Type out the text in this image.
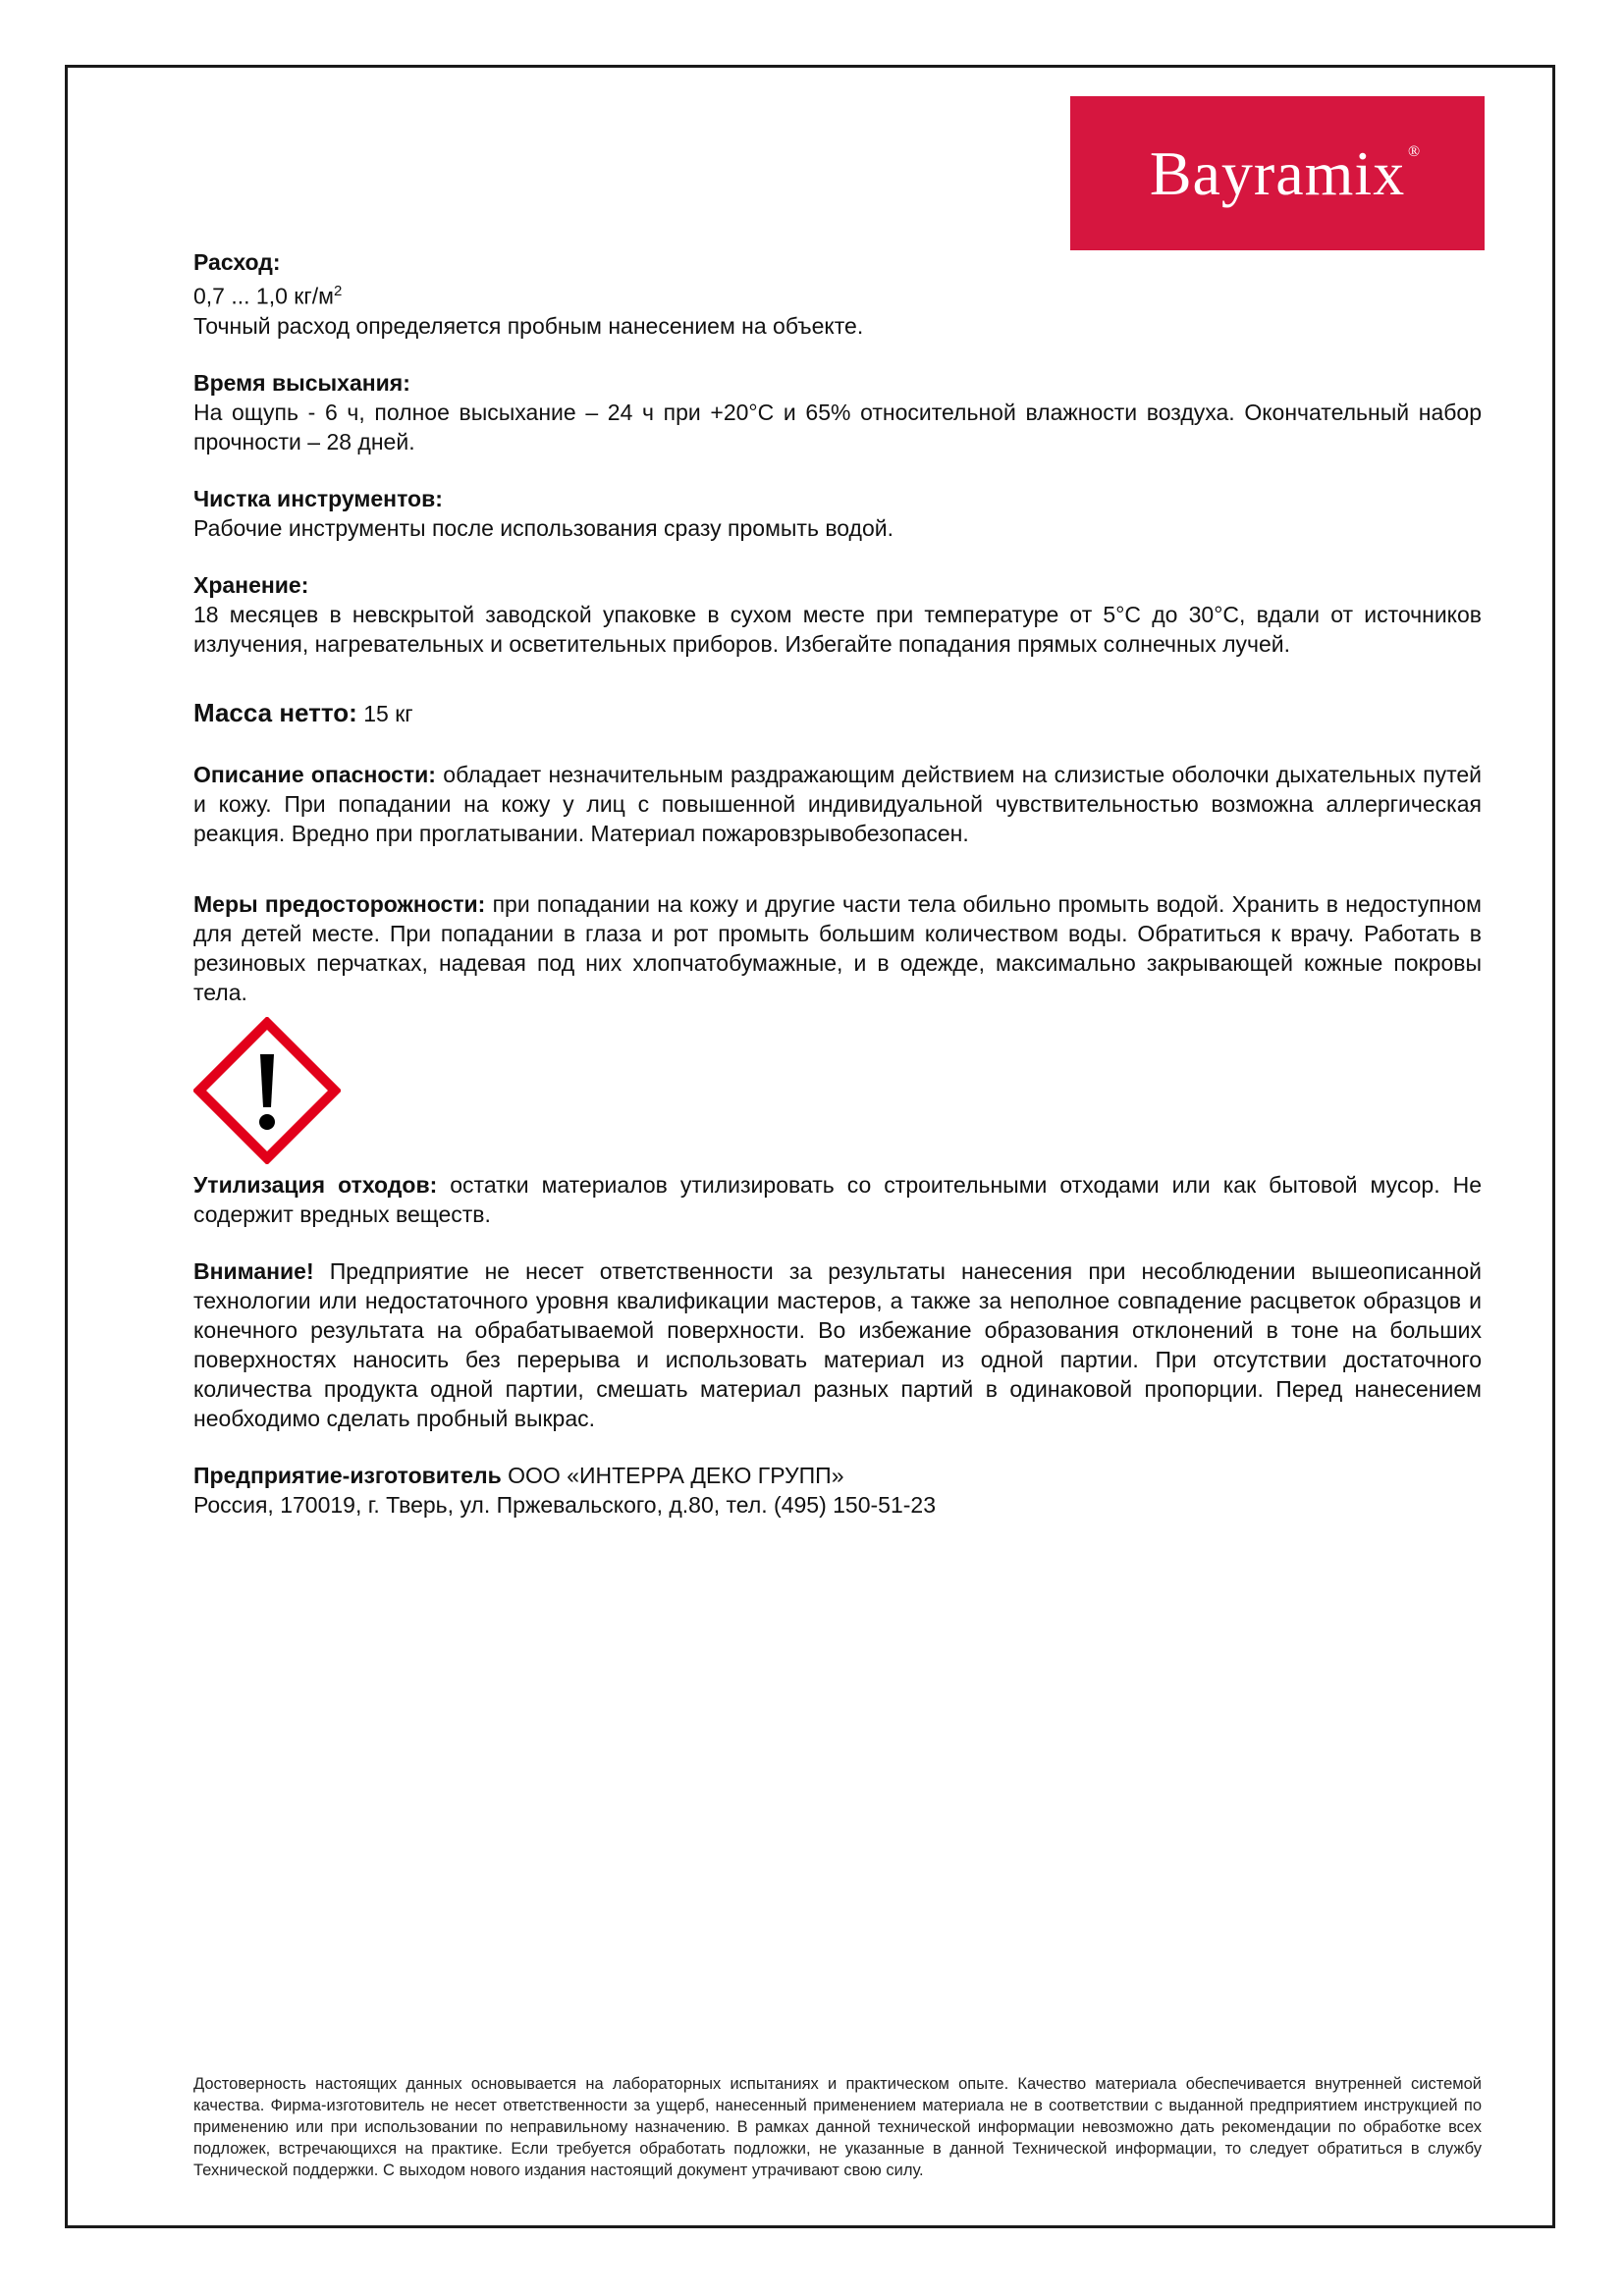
Bayramix ®
Расход:
0,7 ... 1,0 $кг/м^2$
Точный расход определяется пробным нанесением на объекте.
Время высыхания:
На ощупь - 6 ч, полное высыхание – 24 ч при +20°С и 65% относительной влажности воздуха. Окончательный набор прочности – 28 дней.
Чистка инструментов:
Рабочие инструменты после использования сразу промыть водой.
Хранение:
18 месяцев в невскрытой заводской упаковке в сухом месте при температуре от 5°С до 30°С, вдали от источников излучения, нагревательных и осветительных приборов. Избегайте попадания прямых солнечных лучей.
Масса нетто: 15 кг
Описание опасности: обладает незначительным раздражающим действием на слизистые оболочки дыхательных путей и кожу. При попадании на кожу у лиц с повышенной индивидуальной чувствительностью возможна аллергическая реакция. Вредно при проглатывании. Материал пожаровзрывобезопасен.
Меры предосторожности: при попадании на кожу и другие части тела обильно промыть водой. Хранить в недоступном для детей месте. При попадании в глаза и рот промыть большим количеством воды. Обратиться к врачу. Работать в резиновых перчатках, надевая под них хлопчатобумажные, и в одежде, максимально закрывающей кожные покровы тела.
Утилизация отходов: остатки материалов утилизировать со строительными отходами или как бытовой мусор. Не содержит вредных веществ.
Внимание! Предприятие не несет ответственности за результаты нанесения при несоблюдении вышеописанной технологии или недостаточного уровня квалификации мастеров, а также за неполное совпадение расцветок образцов и конечного результата на обрабатываемой поверхности. Во избежание образования отклонений в тоне на больших поверхностях наносить без перерыва и использовать материал из одной партии. При отсутствии достаточного количества продукта одной партии, смешать материал разных партий в одинаковой пропорции. Перед нанесением необходимо сделать пробный выкрас.
Предприятие-изготовитель ООО «ИНТЕРРА ДЕКО ГРУПП»
Россия, 170019, г. Тверь, ул. Пржевальского, д.80, тел. (495) 150-51-23
Достоверность настоящих данных основывается на лабораторных испытаниях и практическом опыте. Качество материала обеспечивается внутренней системой качества. Фирма-изготовитель не несет ответственности за ущерб, нанесенный применением материала не в соответствии с выданной предприятием инструкцией по применению или при использовании по неправильному назначению. В рамках данной технической информации невозможно дать рекомендации по обработке всех подложек, встречающихся на практике. Если требуется обработать подложки, не указанные в данной Технической информации, то следует обратиться в службу Технической поддержки. С выходом нового издания настоящий документ утрачивают свою силу.
